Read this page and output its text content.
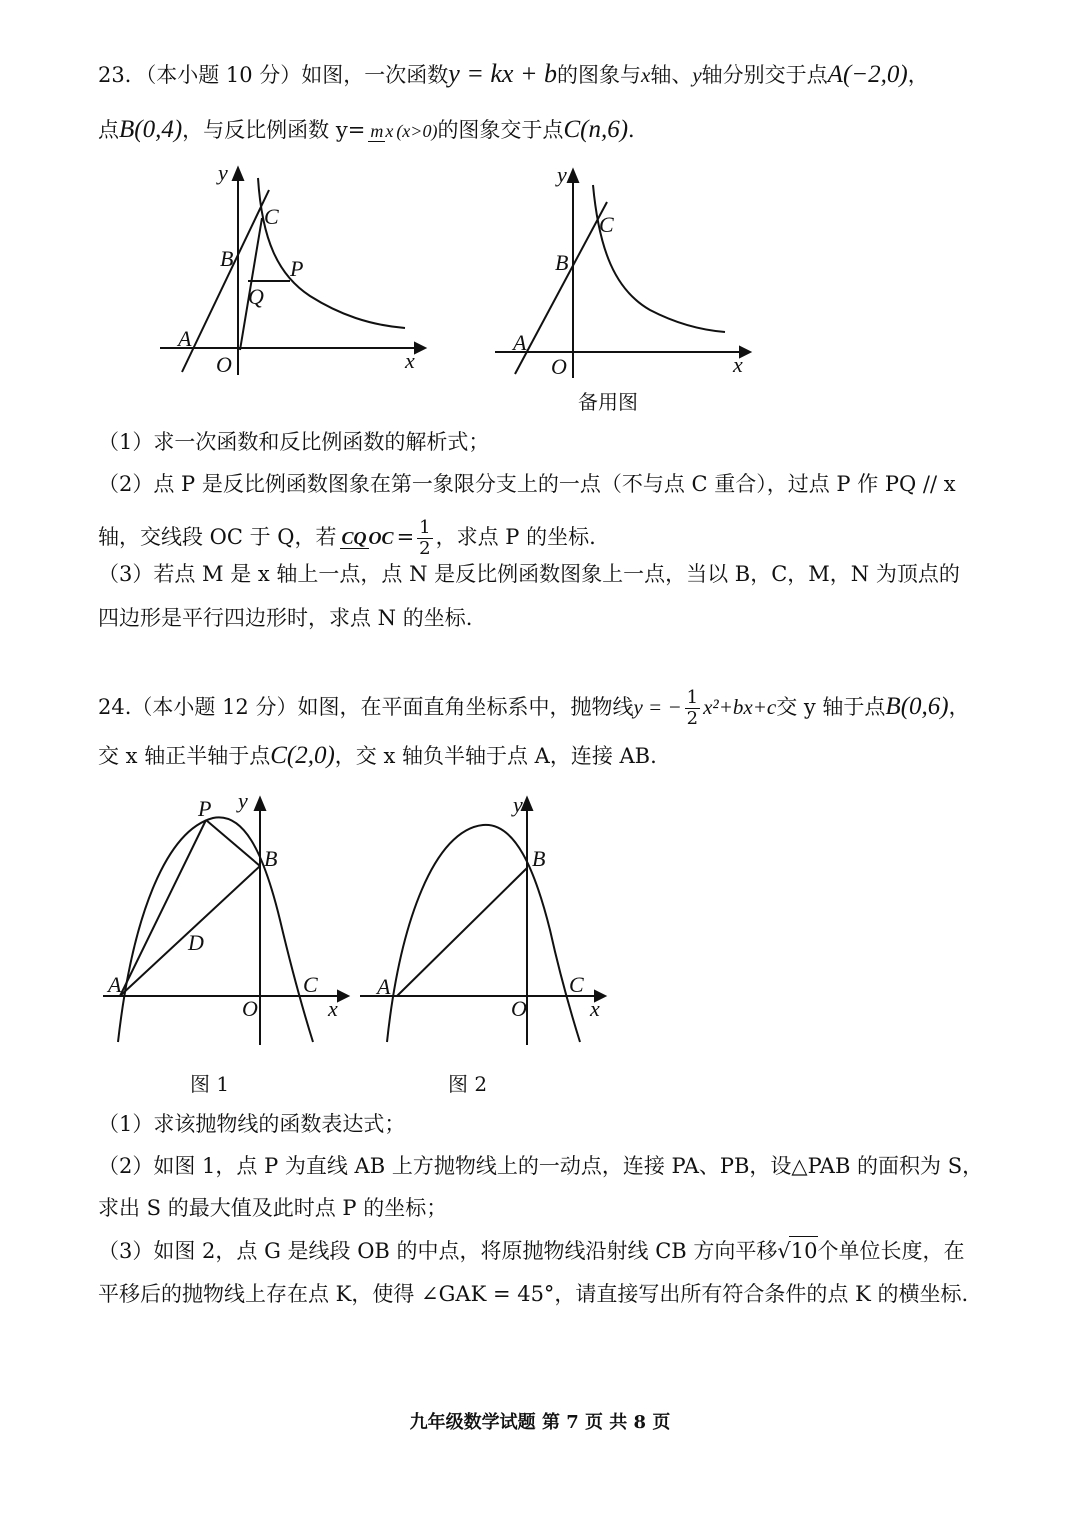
23．（本小题 10 分）如图，一次函数y = kx + b的图象与x轴、y轴分别交于点A(−2,0)，
点B(0,4)，与反比例函数 y= m x (x>0)的图象交于点C(n,6)．
y
x
O
A
B
C
P
Q
y
x
O
A
B
C
备用图
（1）求一次函数和反比例函数的解析式；
（2）点 P 是反比例函数图象在第一象限分支上的一点（不与点 C 重合），过点 P 作 PQ // x
轴，交线段 OC 于 Q，若 CQ OC = $\frac{1}{2}$ ，求点 P 的坐标.
（3）若点 M 是 x 轴上一点，点 N 是反比例函数图象上一点，当以 B，C，M，N 为顶点的
四边形是平行四边形时，求点 N 的坐标.
24.（本小题 12 分）如图，在平面直角坐标系中，抛物线y = − $\frac{1}{2} x^2+bx+c$交 y 轴于点B(0,6)，
交 x 轴正半轴于点C(2,0)，交 x 轴负半轴于点 A，连接 AB.
y
x
O
A
B
C
P
D
y
x
O
A
B
C
图 1	图 2
（1）求该抛物线的函数表达式；
（2）如图 1，点 P 为直线 AB 上方抛物线上的一动点，连接 PA、PB，设△PAB 的面积为 S，
求出 S 的最大值及此时点 P 的坐标；
（3）如图 2，点 G 是线段 OB 的中点，将原抛物线沿射线 CB 方向平移√10个单位长度，在
平移后的抛物线上存在点 K，使得 ∠GAK = 45°，请直接写出所有符合条件的点 K 的横坐标.
九年级数学试题 第 7 页 共 8 页
